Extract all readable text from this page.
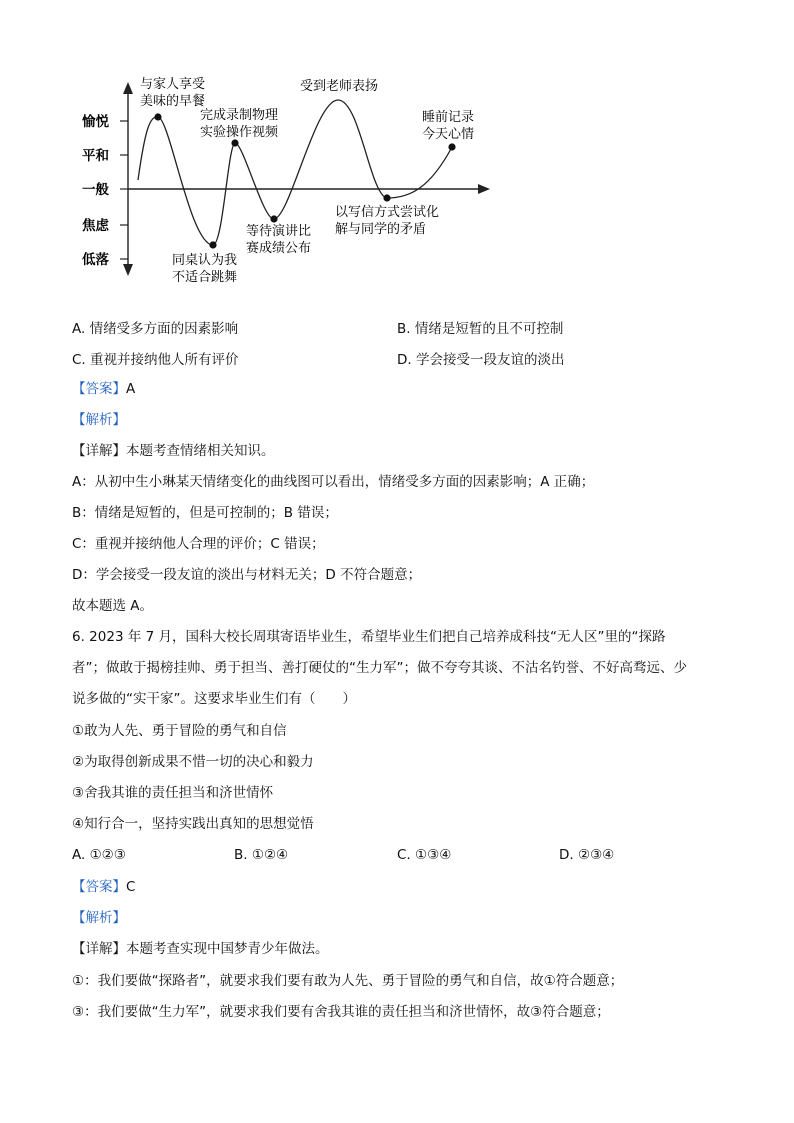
愉悦
平和
一般
焦虑
低落
与家人享受
美味的早餐
同桌认为我
不适合跳舞
完成录制物理
实验操作视频
等待演讲比
赛成绩公布
受到老师表扬
以写信方式尝试化
解与同学的矛盾
睡前记录
今天心情
A. 情绪受多方面的因素影响	B. 情绪是短暂的且不可控制
C. 重视并接纳他人所有评价	D. 学会接受一段友谊的淡出
【答案】A
【解析】
【详解】本题考查情绪相关知识。
A：从初中生小琳某天情绪变化的曲线图可以看出，情绪受多方面的因素影响；A 正确；
B：情绪是短暂的，但是可控制的；B 错误；
C：重视并接纳他人合理的评价；C 错误；
D：学会接受一段友谊的淡出与材料无关；D 不符合题意；
故本题选 A。
6. 2023 年 7 月，国科大校长周琪寄语毕业生，希望毕业生们把自己培养成科技“无人区”里的“探路
者”；做敢于揭榜挂帅、勇于担当、善打硬仗的“生力军”；做不夸夸其谈、不沽名钓誉、不好高骛远、少
说多做的“实干家”。这要求毕业生们有（　　）
①敢为人先、勇于冒险的勇气和自信
②为取得创新成果不惜一切的决心和毅力
③舍我其谁的责任担当和济世情怀
④知行合一，坚持实践出真知的思想觉悟
A. ①②③	B. ①②④	C. ①③④	D. ②③④
【答案】C
【解析】
【详解】本题考查实现中国梦青少年做法。
①：我们要做“探路者”，就要求我们要有敢为人先、勇于冒险的勇气和自信，故①符合题意；
③：我们要做“生力军”，就要求我们要有舍我其谁的责任担当和济世情怀，故③符合题意；
